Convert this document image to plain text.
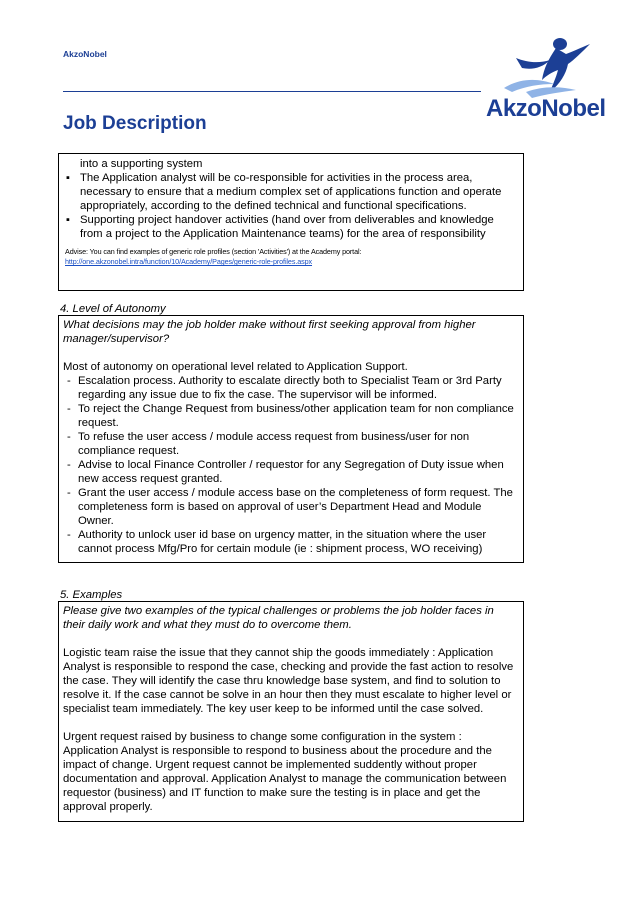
AkzoNobel
AkzoNobel
Job Description
into a supporting system
▪ The Application analyst will be co-responsible for activities in the process area, necessary to ensure that a medium complex set of applications function and operate appropriately, according to the defined technical and functional specifications.
▪ Supporting project handover activities (hand over from deliverables and knowledge from a project to the Application Maintenance teams) for the area of responsibility
Advise: You can find examples of generic role profiles (section 'Activities') at the Academy portal:
http://one.akzonobel.intra/function/10/Academy/Pages/generic-role-profiles.aspx
4. Level of Autonomy
What decisions may the job holder make without first seeking approval from higher manager/supervisor?
Most of autonomy on operational level related to Application Support.
- Escalation process. Authority to escalate directly both to Specialist Team or 3rd Party regarding any issue due to fix the case. The supervisor will be informed.
- To reject the Change Request from business/other application team for non compliance request.
- To refuse the user access / module access request from business/user for non compliance request.
- Advise to local Finance Controller / requestor for any Segregation of Duty issue when new access request granted.
- Grant the user access / module access base on the completeness of form request. The completeness form is based on approval of user’s Department Head and Module Owner.
- Authority to unlock user id base on urgency matter, in the situation where the user cannot process Mfg/Pro for certain module (ie : shipment process, WO receiving)
5. Examples
Please give two examples of the typical challenges or problems the job holder faces in their daily work and what they must do to overcome them.
Logistic team raise the issue that they cannot ship the goods immediately : Application Analyst is responsible to respond the case, checking and provide the fast action to resolve the case. They will identify the case thru knowledge base system, and find to solution to resolve it. If the case cannot be solve in an hour then they must escalate to higher level or specialist team immediately. The key user keep to be informed until the case solved.
Urgent request raised by business to change some configuration in the system : Application Analyst is responsible to respond to business about the procedure and the impact of change. Urgent request cannot be implemented suddently without proper documentation and approval. Application Analyst to manage the communication between requestor (business) and IT function to make sure the testing is in place and get the approval properly.
